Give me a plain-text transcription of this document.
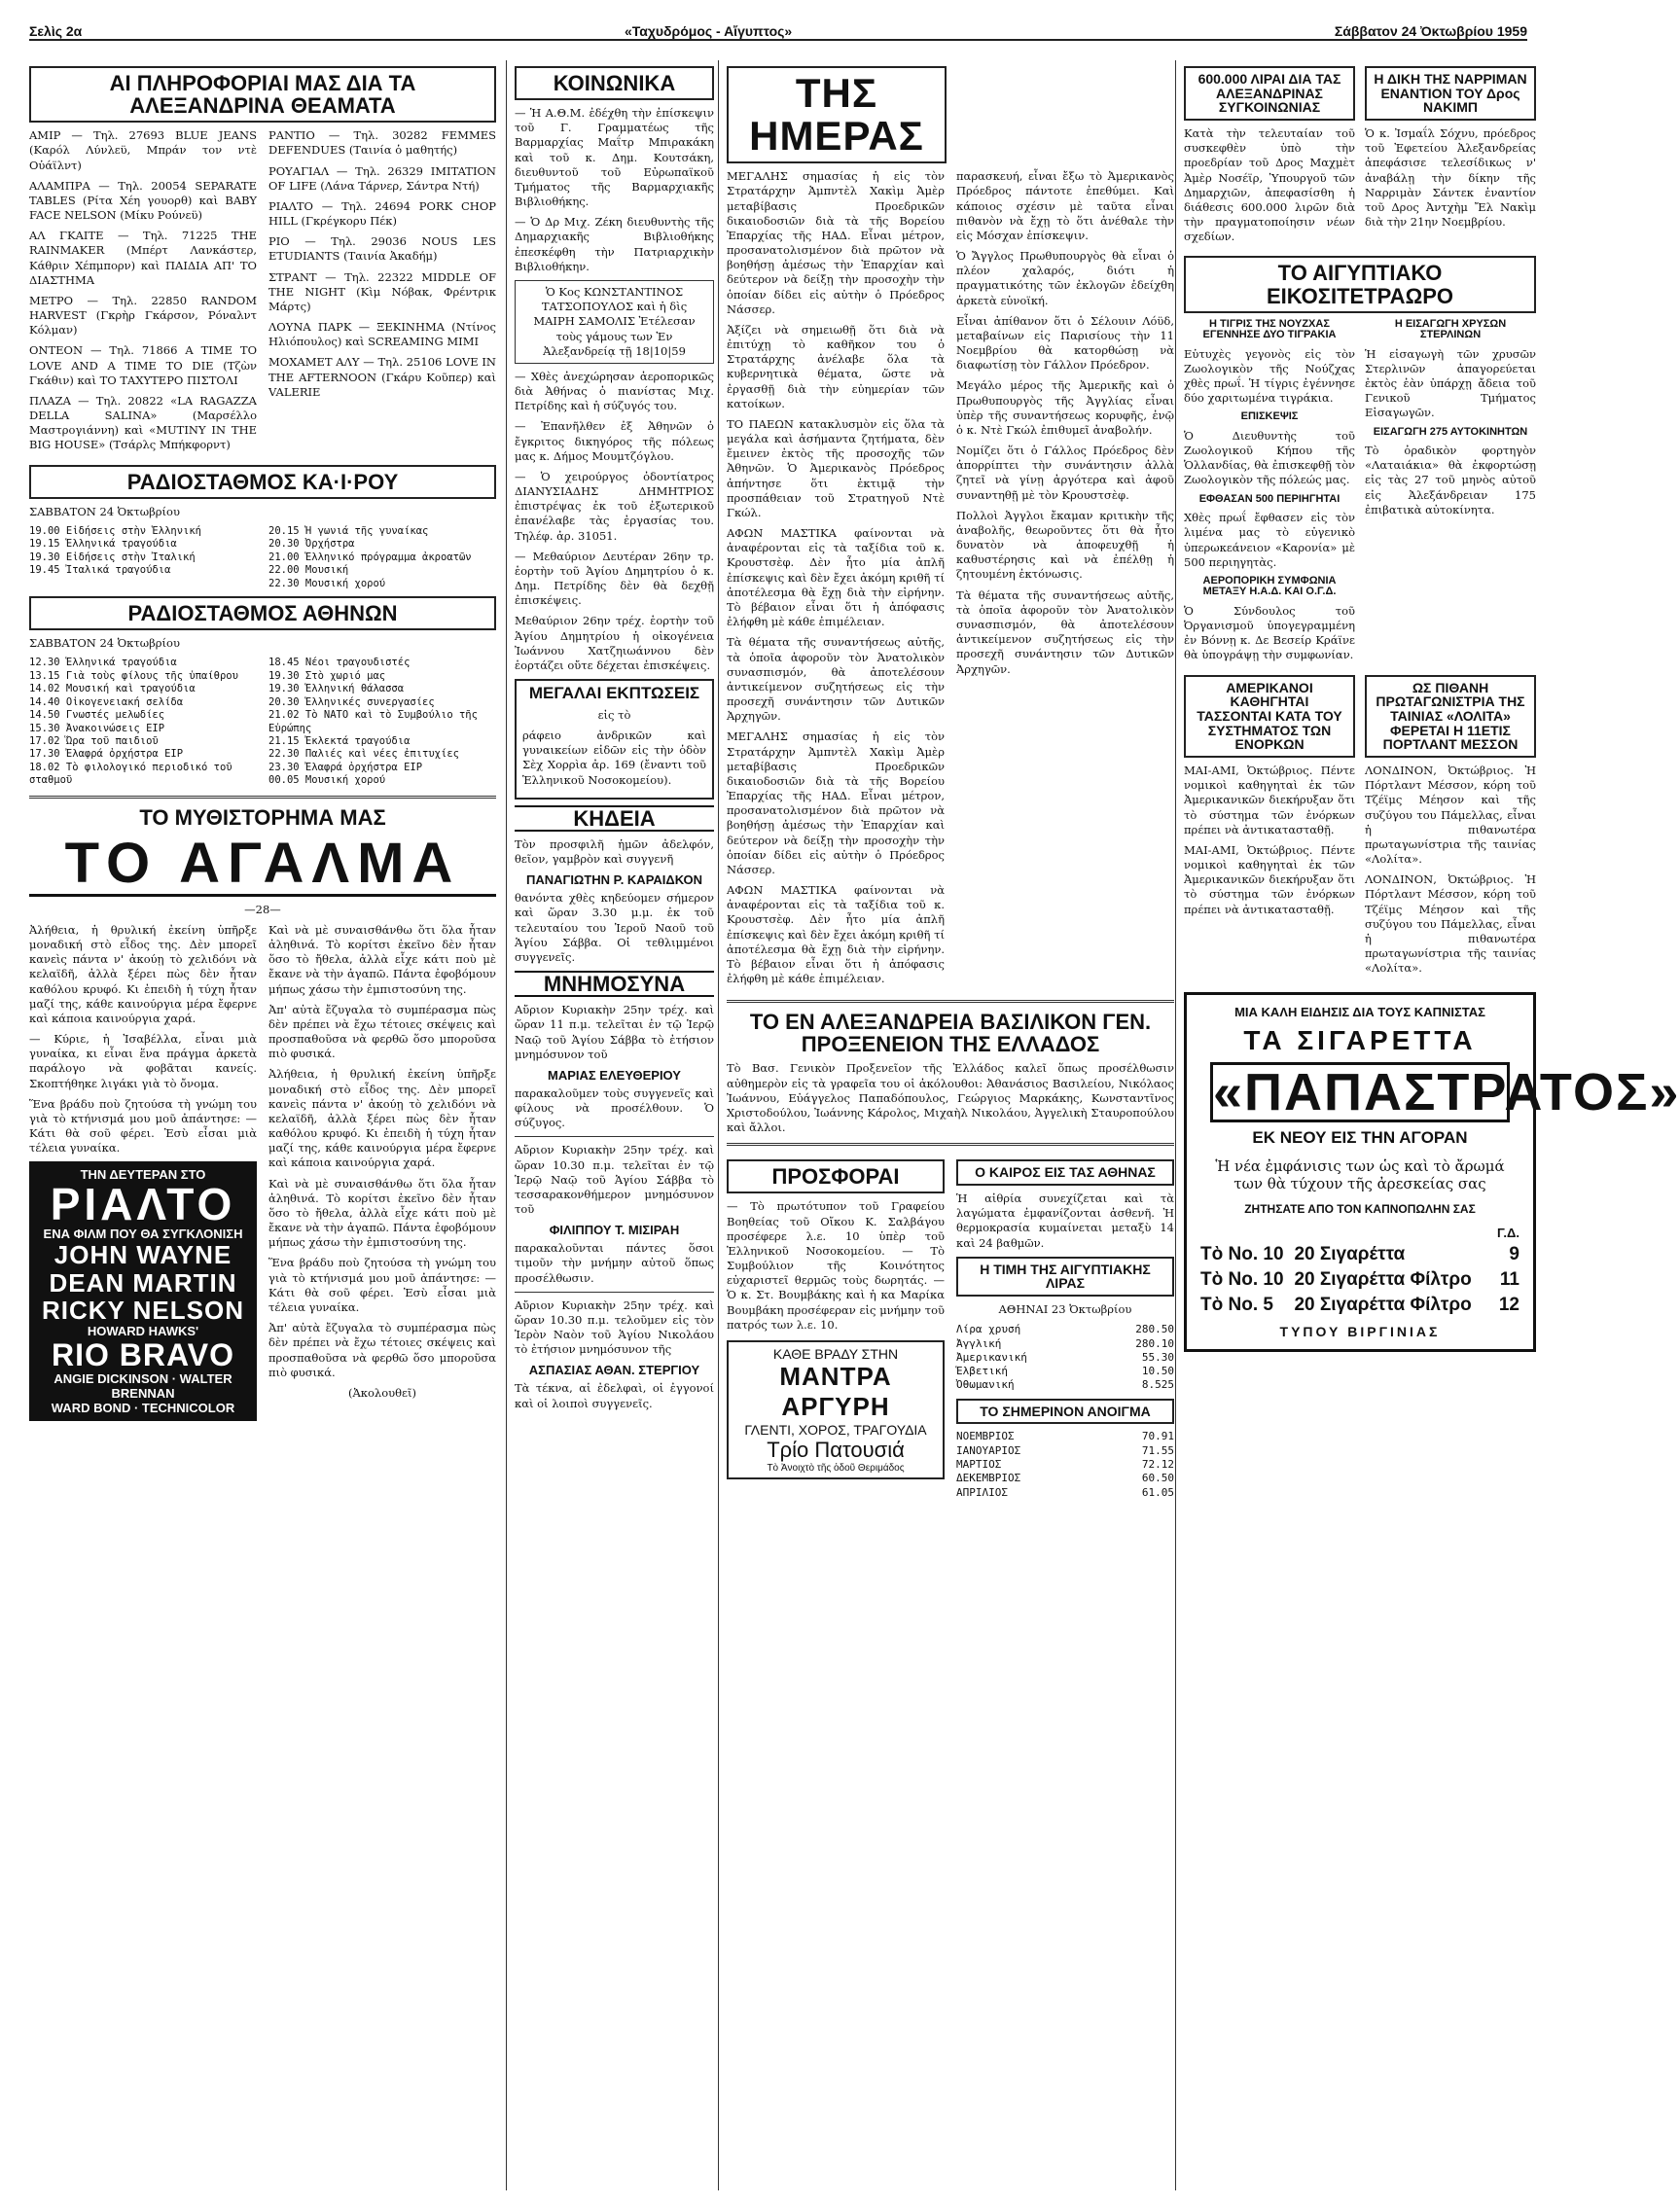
Σελὶς 2α	«Ταχυδρόμος - Αἴγυπτος»	Σάββατον 24 Ὀκτωβρίου 1959
ΑΙ ΠΛΗΡΟΦΟΡΙΑΙ ΜΑΣ ΔΙΑ ΤΑ ΑΛΕΞΑΝΔΡΙΝΑ ΘΕΑΜΑΤΑ

ΑΜΙΡ — Τηλ. 27693 BLUE JEANS (Καρόλ Λύνλεϋ, Μπράν τον ντὲ Οὐάϊλντ)

ΑΛΑΜΠΡΑ — Τηλ. 20054 SEPARATE TABLES (Ρίτα Χέη γουορθ) καὶ BABY FACE NELSON (Μίκυ Ρούνεϋ)

ΑΛ ΓΚΑΙΤΕ — Τηλ. 71225 THE RAINMAKER (Μπέρτ Λανκάστερ, Κάθριν Χέπμπορν) καὶ ΠΑΙΔΙΑ ΑΠ' ΤΟ ΔΙΑΣΤΗΜΑ

ΜΕΤΡΟ — Τηλ. 22850 RANDOM HARVEST (Γκρὴρ Γκάρσον, Ρόναλντ Κόλμαν)

ΟΝΤΕΟΝ — Τηλ. 71866 A TIME TO LOVE AND A TIME TO DIE (Τζὼν Γκάθιν) καὶ ΤΟ ΤΑΧΥΤΕΡΟ ΠΙΣΤΟΛΙ

ΠΛΑΖΑ — Τηλ. 20822 «LA RAGAZZA DELLA SALINA» (Μαρσέλλο Μαστρογιάννη) καὶ «MUTINY IN THE BIG HOUSE» (Τσάρλς Μπήκφορντ)

ΡΑΝΤΙΟ — Τηλ. 30282 FEMMES DEFENDUES (Ταινία ὁ μαθητής)

ΡΟΥΑΓΙΑΛ — Τηλ. 26329 IMITATION OF LIFE (Λάνα Τάρνερ, Σάντρα Ντή)

ΡΙΑΛΤΟ — Τηλ. 24694 PORK CHOP HILL (Γκρέγκορυ Πέκ)

ΡΙΟ — Τηλ. 29036 NOUS LES ETUDIANTS (Ταινία Ἀκαδήμ)

ΣΤΡΑΝΤ — Τηλ. 22322 MIDDLE OF THE NIGHT (Κὶμ Νόβακ, Φρέντρικ Μάρτς)

ΛΟΥΝΑ ΠΑΡΚ — ΞΕΚΙΝΗΜΑ (Ντίνος Ηλιόπουλος) καὶ SCREAMING MIMI

ΜΟΧΑΜΕΤ ΑΛΥ — Τηλ. 25106 LOVE IN THE AFTERNOON (Γκάρυ Κοῦπερ) καὶ VALERIE

ΡΑΔΙΟΣΤΑΘΜΟΣ ΚΑ·Ι·ΡΟΥ
ΣΑΒΒΑΤΟΝ 24 Ὀκτωβρίου
19.00 Εἰδήσεις στὴν Ἑλληνική
19.15 Ἑλληνικά τραγούδια
19.30 Εἰδήσεις στὴν Ἰταλική
19.45 Ἰταλικά τραγούδια
20.15 Ἡ γωνιά τῆς γυναίκας
20.30 Ὀρχήστρα
21.00 Ἑλληνικό πρόγραμμα ἀκροατῶν
22.00 Μουσική
22.30 Μουσική χορού
ΡΑΔΙΟΣΤΑΘΜΟΣ ΑΘΗΝΩΝ
ΣΑΒΒΑΤΟΝ 24 Ὀκτωβρίου
12.30 Ἑλληνικά τραγούδια
13.15 Γιὰ τοὺς φίλους τῆς ὑπαίθρου
14.02 Μουσική καὶ τραγούδια
14.40 Οἰκογενειακή σελίδα
14.50 Γνωστές μελωδίες
15.30 Ἀνακοινώσεις ΕΙΡ
17.02 Ὥρα τοῦ παιδιοῦ
17.30 Ἐλαφρά ὀρχήστρα ΕΙΡ
18.02 Τὸ φιλολογικό περιοδικό τοῦ σταθμοῦ
18.45 Νέοι τραγουδιστές
19.30 Στὸ χωριό μας
19.30 Ἑλληνική θάλασσα
20.30 Ἑλληνικές συνεργασίες
21.02 Τὸ ΝΑΤΟ καὶ τὸ Συμβούλιο τῆς Εὐρώπης
21.15 Ἐκλεκτά τραγούδια
22.30 Παλιές καὶ νέες ἐπιτυχίες
23.30 Ἐλαφρά ὀρχήστρα ΕΙΡ
00.05 Μουσική χορού
ΤΟ ΜΥΘΙΣΤΟΡΗΜΑ ΜΑΣ
ΤΟ ΑΓΑΛΜΑ
—28—

Ἀλήθεια, ἡ θρυλική ἐκείνη ὑπῆρξε μοναδική στὸ εἶδος της. Δὲν μπορεῖ κανεὶς πάντα ν' ἀκούῃ τὸ χελιδόνι νὰ κελαϊδῆ, ἀλλὰ ξέρει πὼς δὲν ἦταν καθόλου κρυφό. Κι ἐπειδὴ ἡ τύχη ἦταν μαζί της, κάθε καινούργια μέρα ἔφερνε καὶ κάποια καινούργια χαρά.

— Κύριε, ἡ Ἰσαβέλλα, εἶναι μιὰ γυναίκα, κι εἶναι ἕνα πράγμα ἀρκετὰ παράλογο νὰ φοβᾶται κανείς. Σκοπτήθηκε λιγάκι γιὰ τὸ ὄνομα.

Ἕνα βράδυ ποὺ ζητούσα τὴ γνώμη του γιὰ τὸ κτήνισμά μου μοῦ ἀπάντησε: — Κάτι θὰ σοῦ φέρει. Ἐσὺ εἶσαι μιὰ τέλεια γυναίκα.

ΤΗΝ ΔΕΥΤΕΡΑΝ ΣΤΟ
ΡΙΑΛΤΟ
ΕΝΑ ΦΙΛΜ ΠΟΥ ΘΑ ΣΥΓΚΛΟΝΙΣΗ
JOHN WAYNE
DEAN MARTIN
RICKY NELSON
HOWARD HAWKS'
RIO BRAVO
ANGIE DICKINSON · WALTER BRENNAN
WARD BOND · TECHNICOLOR

Καὶ νὰ μὲ συναισθάνθω ὅτι ὅλα ἦταν ἀληθινά. Τὸ κορίτσι ἐκεῖνο δὲν ἦταν ὅσο τὸ ἤθελα, ἀλλὰ εἶχε κάτι ποὺ μὲ ἔκανε νὰ τὴν ἀγαπῶ. Πάντα ἐφοβόμουν μήπως χάσω τὴν ἐμπιστοσύνη της.

Ἀπ' αὐτὰ ἔζυγαλα τὸ συμπέρασμα πὼς δὲν πρέπει νὰ ἔχω τέτοιες σκέψεις καὶ προσπαθοῦσα νὰ φερθῶ ὅσο μποροῦσα πιὸ φυσικά.

Ἀλήθεια, ἡ θρυλική ἐκείνη ὑπῆρξε μοναδική στὸ εἶδος της. Δὲν μπορεῖ κανεὶς πάντα ν' ἀκούῃ τὸ χελιδόνι νὰ κελαϊδῆ, ἀλλὰ ξέρει πὼς δὲν ἦταν καθόλου κρυφό. Κι ἐπειδὴ ἡ τύχη ἦταν μαζί της, κάθε καινούργια μέρα ἔφερνε καὶ κάποια καινούργια χαρά.

Καὶ νὰ μὲ συναισθάνθω ὅτι ὅλα ἦταν ἀληθινά. Τὸ κορίτσι ἐκεῖνο δὲν ἦταν ὅσο τὸ ἤθελα, ἀλλὰ εἶχε κάτι ποὺ μὲ ἔκανε νὰ τὴν ἀγαπῶ. Πάντα ἐφοβόμουν μήπως χάσω τὴν ἐμπιστοσύνη της.

Ἕνα βράδυ ποὺ ζητούσα τὴ γνώμη του γιὰ τὸ κτήνισμά μου μοῦ ἀπάντησε: — Κάτι θὰ σοῦ φέρει. Ἐσὺ εἶσαι μιὰ τέλεια γυναίκα.

Ἀπ' αὐτὰ ἔζυγαλα τὸ συμπέρασμα πὼς δὲν πρέπει νὰ ἔχω τέτοιες σκέψεις καὶ προσπαθοῦσα νὰ φερθῶ ὅσο μποροῦσα πιὸ φυσικά.

(Ἀκολουθεῖ)

ΚΟΙΝΩΝΙΚΑ

— Ἡ Α.Θ.Μ. ἐδέχθη τὴν ἐπίσκεψιν τοῦ Γ. Γραμματέως τῆς Βαρμαρχίας Μαΐτρ Μπιρακάκη καὶ τοῦ κ. Δημ. Κουτσάκη, διευθυντοῦ τοῦ Εὐρωπαϊκοῦ Τμήματος τῆς Βαρμαρχιακῆς Βιβλιοθήκης.

— Ὁ Δρ Μιχ. Ζέκη διευθυντὴς τῆς Δημαρχιακῆς Βιβλιοθήκης ἐπεσκέφθη τὴν Πατριαρχικὴν Βιβλιοθήκην.

Ὁ Κος ΚΩΝΣΤΑΝΤΙΝΟΣ ΤΑΤΣΟΠΟΥΛΟΣ καὶ ἡ δὶς ΜΑΙΡΗ ΣΑΜΟΛΙΣ Ἐτέλεσαν τοὺς γάμους των Ἐν Ἀλεξανδρείᾳ τῇ 18|10|59

— Χθὲς ἀνεχώρησαν ἀεροπορικῶς διὰ Ἀθήνας ὁ πιανίστας Μιχ. Πετρίδης καὶ ἡ σύζυγός του.

— Ἐπανῆλθεν ἐξ Ἀθηνῶν ὁ ἔγκριτος δικηγόρος τῆς πόλεως μας κ. Δήμος Μουμτζόγλου.

— Ὁ χειρούργος ὀδοντίατρος ΔΙΑΝΥΣΙΑΔΗΣ ΔΗΜΗΤΡΙΟΣ ἐπιστρέψας ἐκ τοῦ ἐξωτερικοῦ ἐπανέλαβε τὰς ἐργασίας του. Τηλέφ. ἀρ. 31051.

— Μεθαύριον Δευτέραν 26ην τρ. ἑορτὴν τοῦ Ἁγίου Δημητρίου ὁ κ. Δημ. Πετρίδης δὲν θὰ δεχθῇ ἐπισκέψεις.

Μεθαύριον 26ην τρέχ. ἑορτὴν τοῦ Ἁγίου Δημητρίου ἡ οἰκογένεια Ἰωάννου Χατζηιωάννου δὲν ἑορτάζει οὔτε δέχεται ἐπισκέψεις.

ΜΕΓΑΛΑΙ ΕΚΠΤΩΣΕΙΣ
εἰς τὸ

ράφειο ἀνδρικῶν καὶ γυναικείων εἰδῶν εἰς τὴν ὁδὸν Σὲχ Χορρὶα ἀρ. 169 (ἔναντι τοῦ Ἑλληνικοῦ Νοσοκομείου).

ΚΗΔΕΙΑ

Τὸν προσφιλῆ ἡμῶν ἀδελφόν, θεῖον, γαμβρὸν καὶ συγγενῆ

ΠΑΝΑΓΙΩΤΗΝ Ρ. ΚΑΡΑΙΔΚΟΝ

θανόντα χθὲς κηδεύομεν σήμερον καὶ ὥραν 3.30 μ.μ. ἐκ τοῦ τελευταίου του Ἱεροῦ Ναοῦ τοῦ Ἁγίου Σάββα. Οἱ τεθλιμμένοι συγγενεῖς.

ΜΝΗΜΟΣΥΝΑ

Αὔριον Κυριακὴν 25ην τρέχ. καὶ ὥραν 11 π.μ. τελεῖται ἐν τῷ Ἱερῷ Ναῷ τοῦ Ἁγίου Σάββα τὸ ἐτήσιον μνημόσυνον τοῦ

ΜΑΡΙΑΣ ΕΛΕΥΘΕΡΙΟΥ

παρακαλοῦμεν τοὺς συγγενεῖς καὶ φίλους νὰ προσέλθουν. Ὁ σύζυγος.

Αὔριον Κυριακὴν 25ην τρέχ. καὶ ὥραν 10.30 π.μ. τελεῖται ἐν τῷ Ἱερῷ Ναῷ τοῦ Ἁγίου Σάββα τὸ τεσσαρακονθήμερον μνημόσυνον τοῦ

ΦΙΛΙΠΠΟΥ Τ. ΜΙΣΙΡΑΗ

παρακαλοῦνται πάντες ὅσοι τιμοῦν τὴν μνήμην αὐτοῦ ὅπως προσέλθωσιν.

Αὔριον Κυριακὴν 25ην τρέχ. καὶ ὥραν 10.30 π.μ. τελοῦμεν εἰς τὸν Ἱερὸν Ναὸν τοῦ Ἁγίου Νικολάου τὸ ἐτήσιον μνημόσυνον τῆς

ΑΣΠΑΣΙΑΣ ΑΘΑΝ. ΣΤΕΡΓΙΟΥ

Τὰ τέκνα, αἱ ἐδελφαὶ, οἱ ἐγγονοί καὶ οἱ λοιποὶ συγγενεῖς.

ΤΗΣ ΗΜΕΡΑΣ

ΜΕΓΑΛΗΣ σημασίας ἡ εἰς τὸν Στρατάρχην Ἀμπντὲλ Χακὶμ Ἀμὲρ μεταβίβασις Προεδρικῶν δικαιοδοσιῶν διὰ τὰ τῆς Βορείου Ἐπαρχίας τῆς ΗΑΔ. Εἶναι μέτρον, προσανατολισμένον διὰ πρῶτον νὰ βοηθήσῃ ἀμέσως τὴν Ἐπαρχίαν καὶ δεύτερον νὰ δείξῃ τὴν προσοχὴν τὴν ὁποίαν δίδει εἰς αὐτὴν ὁ Πρόεδρος Νάσσερ.

Ἀξίζει νὰ σημειωθῇ ὅτι διὰ νὰ ἐπιτύχῃ τὸ καθῆκον του ὁ Στρατάρχης ἀνέλαβε ὅλα τὰ κυβερνητικὰ θέματα, ὥστε νὰ ἐργασθῇ διὰ τὴν εὐημερίαν τῶν κατοίκων.

ΤΟ ΠΑΕΩΝ κατακλυσμὸν εἰς ὅλα τὰ μεγάλα καὶ ἀσήμαντα ζητήματα, δὲν ἔμεινεν ἐκτὸς τῆς προσοχῆς τῶν Ἀθηνῶν. Ὁ Ἀμερικανὸς Πρόεδρος ἀπήντησε ὅτι ἐκτιμᾷ τὴν προσπάθειαν τοῦ Στρατηγοῦ Ντὲ Γκώλ.

ΑΦΩΝ ΜΑΣΤΙΚΑ φαίνονται νὰ ἀναφέρονται εἰς τὰ ταξίδια τοῦ κ. Κρουστσὲφ. Δὲν ἦτο μία ἀπλῆ ἐπίσκεψις καὶ δὲν ἔχει ἀκόμη κριθῆ τί ἀποτέλεσμα θὰ ἔχῃ διὰ τὴν εἰρήνην. Τὸ βέβαιον εἶναι ὅτι ἡ ἀπόφασις ἐλήφθη μὲ κάθε ἐπιμέλειαν.

Τὰ θέματα τῆς συναντήσεως αὐτῆς, τὰ ὁποῖα ἀφοροῦν τὸν Ἀνατολικὸν συνασπισμόν, θὰ ἀποτελέσουν ἀντικείμενον συζητήσεως εἰς τὴν προσεχῆ συνάντησιν τῶν Δυτικῶν Ἀρχηγῶν.

ΜΕΓΑΛΗΣ σημασίας ἡ εἰς τὸν Στρατάρχην Ἀμπντὲλ Χακὶμ Ἀμὲρ μεταβίβασις Προεδρικῶν δικαιοδοσιῶν διὰ τὰ τῆς Βορείου Ἐπαρχίας τῆς ΗΑΔ. Εἶναι μέτρον, προσανατολισμένον διὰ πρῶτον νὰ βοηθήσῃ ἀμέσως τὴν Ἐπαρχίαν καὶ δεύτερον νὰ δείξῃ τὴν προσοχὴν τὴν ὁποίαν δίδει εἰς αὐτὴν ὁ Πρόεδρος Νάσσερ.

ΑΦΩΝ ΜΑΣΤΙΚΑ φαίνονται νὰ ἀναφέρονται εἰς τὰ ταξίδια τοῦ κ. Κρουστσὲφ. Δὲν ἦτο μία ἀπλῆ ἐπίσκεψις καὶ δὲν ἔχει ἀκόμη κριθῆ τί ἀποτέλεσμα θὰ ἔχῃ διὰ τὴν εἰρήνην. Τὸ βέβαιον εἶναι ὅτι ἡ ἀπόφασις ἐλήφθη μὲ κάθε ἐπιμέλειαν.

παρασκευή, εἶναι ἔξω τὸ Ἀμερικανὸς Πρόεδρος πάντοτε ἐπεθύμει. Καὶ κάποιος σχέσιν μὲ ταῦτα εἶναι πιθανὸν νὰ ἔχῃ τὸ ὅτι ἀνέθαλε τὴν εἰς Μόσχαν ἐπίσκεψιν.

Ὁ Ἄγγλος Πρωθυπουργὸς θὰ εἶναι ὁ πλέον χαλαρός, διότι ἡ πραγματικότης τῶν ἐκλογῶν ἐδείχθη ἀρκετὰ εὐνοϊκή.

Εἶναι ἀπίθανον ὅτι ὁ Σέλουιν Λόϋδ, μεταβαίνων εἰς Παρισίους τὴν 11 Νοεμβρίου θὰ κατορθώσῃ νὰ διαφωτίσῃ τὸν Γάλλον Πρόεδρον.

Μεγάλο μέρος τῆς Ἀμερικῆς καὶ ὁ Πρωθυπουργὸς τῆς Ἀγγλίας εἶναι ὑπὲρ τῆς συναντήσεως κορυφῆς, ἐνῷ ὁ κ. Ντὲ Γκώλ ἐπιθυμεῖ ἀναβολήν.

Νομίζει ὅτι ὁ Γάλλος Πρόεδρος δὲν ἀπορρίπτει τὴν συνάντησιν ἀλλὰ ζητεῖ νὰ γίνῃ ἀργότερα καὶ ἀφοῦ συναντηθῇ μὲ τὸν Κρουστσὲφ.

Πολλοὶ Ἀγγλοι ἔκαμαν κριτικὴν τῆς ἀναβολῆς, θεωροῦντες ὅτι θὰ ἦτο δυνατὸν νὰ ἀποφευχθῇ ἡ καθυστέρησις καὶ νὰ ἐπέλθῃ ἡ ζητουμένη ἐκτόνωσις.

Τὰ θέματα τῆς συναντήσεως αὐτῆς, τὰ ὁποῖα ἀφοροῦν τὸν Ἀνατολικὸν συνασπισμόν, θὰ ἀποτελέσουν ἀντικείμενον συζητήσεως εἰς τὴν προσεχῆ συνάντησιν τῶν Δυτικῶν Ἀρχηγῶν.

ΤΟ ΕΝ ΑΛΕΞΑΝΔΡΕΙΑ ΒΑΣΙΛΙΚΟΝ ΓΕΝ. ΠΡΟΞΕΝΕΙΟΝ ΤΗΣ ΕΛΛΑΔΟΣ

Τὸ Βασ. Γενικὸν Προξενεῖον τῆς Ἑλλάδος καλεῖ ὅπως προσέλθωσιν αὐθημερὸν εἰς τὰ γραφεῖα του οἱ ἀκόλουθοι: Ἀθανάσιος Βασιλείου, Νικόλαος Ἰωάννου, Εὐάγγελος Παπαδόπουλος, Γεώργιος Μαρκάκης, Κωνσταντῖνος Χριστοδούλου, Ἰωάννης Κάρολος, Μιχαὴλ Νικολάου, Ἀγγελικὴ Σταυροπούλου καὶ ἄλλοι.

ΠΡΟΣΦΟΡΑΙ

— Τὸ πρωτότυπον τοῦ Γραφείου Βοηθείας τοῦ Οἴκου Κ. Σαλβάγου προσέφερε λ.ε. 10 ὑπὲρ τοῦ Ἑλληνικοῦ Νοσοκομείου. — Τὸ Συμβούλιον τῆς Κοινότητος εὐχαριστεῖ θερμῶς τοὺς δωρητάς. — Ὁ κ. Στ. Βουμβάκης καὶ ἡ κα Μαρίκα Βουμβάκη προσέφεραν εἰς μνήμην τοῦ πατρός των λ.ε. 10.

ΚΑΘΕ ΒΡΑΔΥ ΣΤΗΝ
ΜΑΝΤΡΑ ΑΡΓΥΡΗ
ΓΛΕΝΤΙ, ΧΟΡΟΣ, ΤΡΑΓΟΥΔΙΑ
Τρίο Πατουσιά
Τὸ Ἀνοιχτὸ τῆς ὁδοῦ Θεριμάδος
Ο ΚΑΙΡΟΣ ΕΙΣ ΤΑΣ ΑΘΗΝΑΣ

Ἡ αἰθρία συνεχίζεται καὶ τὰ λαγώματα ἐμφανίζονται ἀσθενῆ. Ἡ θερμοκρασία κυμαίνεται μεταξὺ 14 καὶ 24 βαθμῶν.

Η ΤΙΜΗ ΤΗΣ ΑΙΓΥΠΤΙΑΚΗΣ ΛΙΡΑΣ
ΑΘΗΝΑΙ 23 Ὀκτωβρίου
Λίρα χρυσή	280.50
Ἀγγλική	280.10
Ἀμερικανική	55.30
Ἑλβετική	10.50
Ὀθωμανική	8.525
ΤΟ ΣΗΜΕΡΙΝΟΝ ΑΝΟΙΓΜΑ
ΝΟΕΜΒΡΙΟΣ	70.91
ΙΑΝΟΥΑΡΙΟΣ	71.55
ΜΑΡΤΙΟΣ	72.12
ΔΕΚΕΜΒΡΙΟΣ	60.50
ΑΠΡΙΛΙΟΣ	61.05
600.000 ΛΙΡΑΙ ΔΙΑ ΤΑΣ ΑΛΕΞΑΝΔΡΙΝΑΣ ΣΥΓΚΟΙΝΩΝΙΑΣ

Κατὰ τὴν τελευταίαν τοῦ συσκεφθὲν ὑπὸ τὴν προεδρίαν τοῦ Δρος Μαχμὲτ Ἀμὲρ Νοσέϊρ, Ὑπουργοῦ τῶν Δημαρχιῶν, ἀπεφασίσθη ἡ διάθεσις 600.000 λιρῶν διὰ τὴν πραγματοποίησιν νέων σχεδίων.

Η ΔΙΚΗ ΤΗΣ ΝΑΡΡΙΜΑΝ ΕΝΑΝΤΙΟΝ ΤΟΥ Δρος ΝΑΚΙΜΠ

Ὁ κ. Ἰσμαΐλ Σόχνυ, πρόεδρος τοῦ Ἐφετείου Ἀλεξανδρείας ἀπεφάσισε τελεσίδικως ν' ἀναβάλῃ τὴν δίκην τῆς Ναρριμὰν Σάντεκ ἐναντίον τοῦ Δρος Ἀντχὴμ Ἔλ Νακὶμ διὰ τὴν 21ην Νοεμβρίου.

ΤΟ ΑΙΓΥΠΤΙΑΚΟ ΕΙΚΟΣΙΤΕΤΡΑΩΡΟ
Η ΤΙΓΡΙΣ ΤΗΣ ΝΟΥΖΧΑΣ ΕΓΕΝΝΗΣΕ ΔΥΟ ΤΙΓΡΑΚΙΑ

Εὐτυχὲς γεγονὸς εἰς τὸν Ζωολογικὸν τῆς Νούζχας χθὲς πρωΐ. Ἡ τίγρις ἐγέννησε δύο χαριτωμένα τιγράκια.

ΕΠΙΣΚΕΨΙΣ

Ὁ Διευθυντὴς τοῦ Ζωολογικοῦ Κήπου τῆς Ὁλλανδίας, θὰ ἐπισκεφθῇ τὸν Ζωολογικὸν τῆς πόλεώς μας.

ΕΦΘΑΣΑΝ 500 ΠΕΡΙΗΓΗΤΑΙ

Χθὲς πρωΐ ἔφθασεν εἰς τὸν λιμένα μας τὸ εὐγενικὸ ὑπερωκεάνειον «Καρονία» μὲ 500 περιηγητὰς.

ΑΕΡΟΠΟΡΙΚΗ ΣΥΜΦΩΝΙΑ ΜΕΤΑΞΥ Η.Α.Δ. ΚΑΙ Ο.Γ.Δ.

Ὁ Σύνδουλος τοῦ Ὀργανισμοῦ ὑπογεγραμμένη ἐν Βόννῃ κ. Δε Βεσείρ Κράϊνε θὰ ὑπογράψῃ τὴν συμφωνίαν.

Η ΕΙΣΑΓΩΓΗ ΧΡΥΣΩΝ ΣΤΕΡΛΙΝΩΝ

Ἡ εἰσαγωγὴ τῶν χρυσῶν Στερλινῶν ἀπαγορεύεται ἐκτὸς ἐὰν ὑπάρχῃ ἄδεια τοῦ Γενικοῦ Τμήματος Εἰσαγωγῶν.

ΕΙΣΑΓΩΓΗ 275 ΑΥΤΟΚΙΝΗΤΩΝ

Τὸ ὀραδικὸν φορτηγὸν «Λαταιάκια» θὰ ἐκφορτώσῃ εἰς τὰς 27 τοῦ μηνὸς αὐτοῦ εἰς Ἀλεξάνδρειαν 175 ἐπιβατικὰ αὐτοκίνητα.

ΑΜΕΡΙΚΑΝΟΙ ΚΑΘΗΓΗΤΑΙ ΤΑΣΣΟΝΤΑΙ ΚΑΤΑ ΤΟΥ ΣΥΣΤΗΜΑΤΟΣ ΤΩΝ ΕΝΟΡΚΩΝ

ΜΑΙ-ΑΜΙ, Ὀκτώβριος. Πέντε νομικοὶ καθηγηταὶ ἐκ τῶν Ἀμερικανικῶν διεκήρυξαν ὅτι τὸ σύστημα τῶν ἐνόρκων πρέπει νὰ ἀντικατασταθῇ.

ΜΑΙ-ΑΜΙ, Ὀκτώβριος. Πέντε νομικοὶ καθηγηταὶ ἐκ τῶν Ἀμερικανικῶν διεκήρυξαν ὅτι τὸ σύστημα τῶν ἐνόρκων πρέπει νὰ ἀντικατασταθῇ.

ΩΣ ΠΙΘΑΝΗ ΠΡΩΤΑΓΩΝΙΣΤΡΙΑ ΤΗΣ ΤΑΙΝΙΑΣ «ΛΟΛΙΤΑ» ΦΕΡΕΤΑΙ Η 11ΕΤΙΣ ΠΟΡΤΛΑΝΤ ΜΕΣΣΟΝ

ΛΟΝΔΙΝΟΝ, Ὀκτώβριος. Ἡ Πόρτλαντ Μέσσον, κόρη τοῦ Τζέϊμς Μέησον καὶ τῆς συζύγου του Πάμελλας, εἶναι ἡ πιθανωτέρα πρωταγωνίστρια τῆς ταινίας «Λολίτα».

ΛΟΝΔΙΝΟΝ, Ὀκτώβριος. Ἡ Πόρτλαντ Μέσσον, κόρη τοῦ Τζέϊμς Μέησον καὶ τῆς συζύγου του Πάμελλας, εἶναι ἡ πιθανωτέρα πρωταγωνίστρια τῆς ταινίας «Λολίτα».

ΜΙΑ ΚΑΛΗ ΕΙΔΗΣΙΣ ΔΙΑ ΤΟΥΣ ΚΑΠΝΙΣΤΑΣ
ΤΑ ΣΙΓΑΡΕΤΤΑ
«ΠΑΠΑΣΤΡΑΤΟΣ»
ΕΚ ΝΕΟΥ ΕΙΣ ΤΗΝ ΑΓΟΡΑΝ
Ἡ νέα ἐμφάνισις των ὡς καὶ τὸ ἄρωμά των θὰ τύχουν τῆς ἀρεσκείας σας
ΖΗΤΗΣΑΤΕ ΑΠΟ ΤΟΝ ΚΑΠΝΟΠΩΛΗΝ ΣΑΣ
		Γ.Δ.
Τὸ Νο. 10	20 Σιγαρέττα	9
Τὸ Νο. 10	20 Σιγαρέττα Φίλτρο	11
Τὸ Νο. 5	20 Σιγαρέττα Φίλτρο	12
ΤΥΠΟΥ ΒΙΡΓΙΝΙΑΣ
